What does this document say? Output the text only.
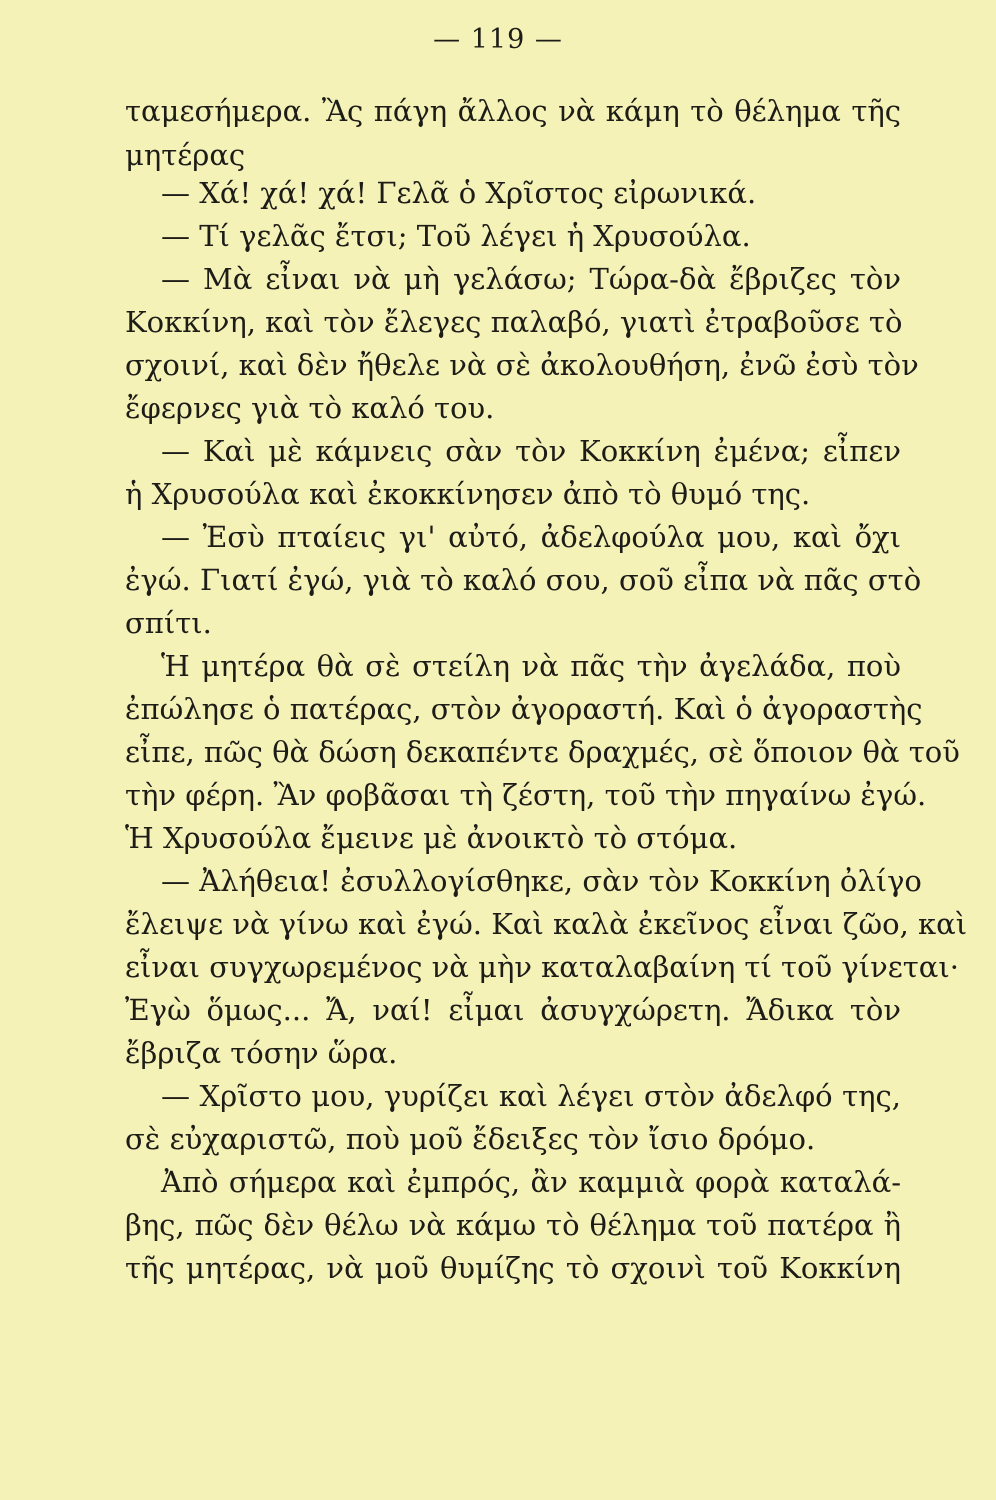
— 119 —
ταμεσήμερα. Ἂς πάγη ἄλλος νὰ κάμη τὸ θέλημα τῆς
μητέρας
— Χά! χά! χά! Γελᾶ ὁ Χρῖστος εἰρωνικά.
— Τί γελᾶς ἔτσι; Τοῦ λέγει ἡ Χρυσούλα.
— Μὰ εἶναι νὰ μὴ γελάσω; Τώρα-δὰ ἔβριζες τὸν
Κοκκίνη, καὶ τὸν ἔλεγες παλαβό, γιατὶ ἐτραβοῦσε τὸ
σχοινί, καὶ δὲν ἤθελε νὰ σὲ ἀκολουθήση, ἐνῶ ἐσὺ τὸν
ἔφερνες γιὰ τὸ καλό του.
— Καὶ μὲ κάμνεις σὰν τὸν Κοκκίνη ἐμένα; εἶπεν
ἡ Χρυσούλα καὶ ἐκοκκίνησεν ἀπὸ τὸ θυμό της.
— Ἐσὺ πταίεις γι' αὐτό, ἀδελφούλα μου, καὶ ὄχι
ἐγώ. Γιατί ἐγώ, γιὰ τὸ καλό σου, σοῦ εἶπα νὰ πᾶς στὸ
σπίτι.
Ἡ μητέρα θὰ σὲ στείλη νὰ πᾶς τὴν ἀγελάδα, ποὺ
ἐπώλησε ὁ πατέρας, στὸν ἀγοραστή. Καὶ ὁ ἀγοραστὴς
εἶπε, πῶς θὰ δώση δεκαπέντε δραχμές, σὲ ὅποιον θὰ τοῦ
τὴν φέρη. Ἂν φοβᾶσαι τὴ ζέστη, τοῦ τὴν πηγαίνω ἐγώ.
Ἡ Χρυσούλα ἔμεινε μὲ ἀνοικτὸ τὸ στόμα.
— Ἀλήθεια! ἐσυλλογίσθηκε, σὰν τὸν Κοκκίνη ὀλίγο
ἔλειψε νὰ γίνω καὶ ἐγώ. Καὶ καλὰ ἐκεῖνος εἶναι ζῶο, καὶ
εἶναι συγχωρεμένος νὰ μὴν καταλαβαίνη τί τοῦ γίνεται·
Ἐγὼ ὅμως... Ἄ, ναί! εἶμαι ἀσυγχώρετη. Ἄδικα τὸν
ἔβριζα τόσην ὥρα.
— Χρῖστο μου, γυρίζει καὶ λέγει στὸν ἀδελφό της,
σὲ εὐχαριστῶ, ποὺ μοῦ ἔδειξες τὸν ἴσιο δρόμο.
Ἀπὸ σήμερα καὶ ἐμπρός, ἂν καμμιὰ φορὰ καταλά-
βης, πῶς δὲν θέλω νὰ κάμω τὸ θέλημα τοῦ πατέρα ἢ
τῆς μητέρας, νὰ μοῦ θυμίζης τὸ σχοινὶ τοῦ Κοκκίνη
